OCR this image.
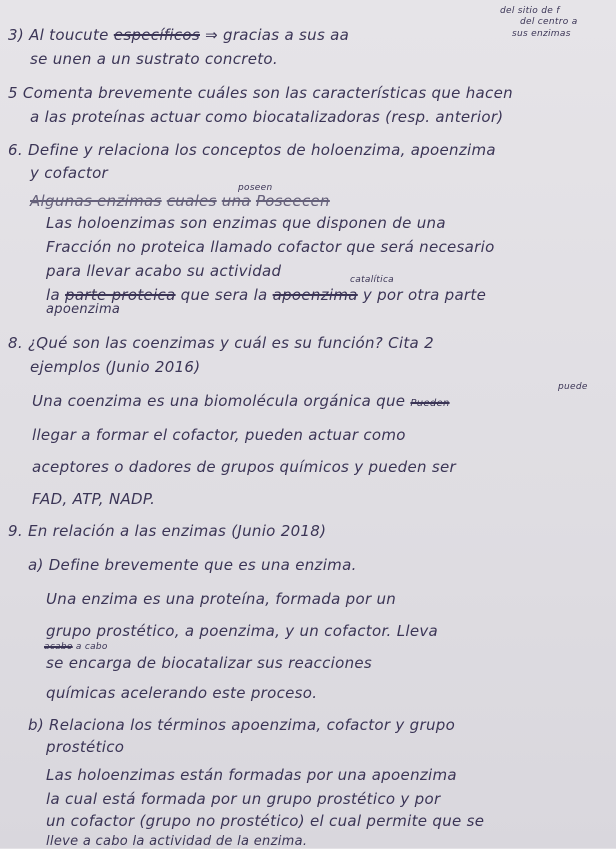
del sitio de f
del centro a
sus enzimas
3) Al toucute específicos ⇒ gracias a sus aa
se unen a un sustrato concreto.
5 Comenta brevemente cuáles son las características que hacen
a las proteínas actuar como biocatalizadoras (resp. anterior)
6. Define y relaciona los conceptos de holoenzima, apoenzima
y cofactor
poseen
Algunas enzimas cuales una Poseecen
Las holoenzimas son enzimas que disponen de una
Fracción no proteica llamado cofactor que será necesario
para llevar acabo su actividad	catalítica
la parte proteica que sera la apoenzima y por otra parte
apoenzima
8. ¿Qué son las coenzimas y cuál es su función? Cita 2
ejemplos (Junio 2016)
puede
Una coenzima es una biomolécula orgánica que Pueden
llegar a formar el cofactor, pueden actuar como
aceptores o dadores de grupos químicos y pueden ser
FAD, ATP, NADP.
9. En relación a las enzimas (Junio 2018)
a) Define brevemente que es una enzima.
Una enzima es una proteína, formada por un
grupo prostético, a poenzima, y un cofactor. Lleva
acabo a cabo
se encarga de biocatalizar sus reacciones
químicas acelerando este proceso.
b) Relaciona los términos apoenzima, cofactor y grupo
prostético
Las holoenzimas están formadas por una apoenzima
la cual está formada por un grupo prostético y por
un cofactor (grupo no prostético) el cual permite que se
lleve a cabo la actividad de la enzima.
